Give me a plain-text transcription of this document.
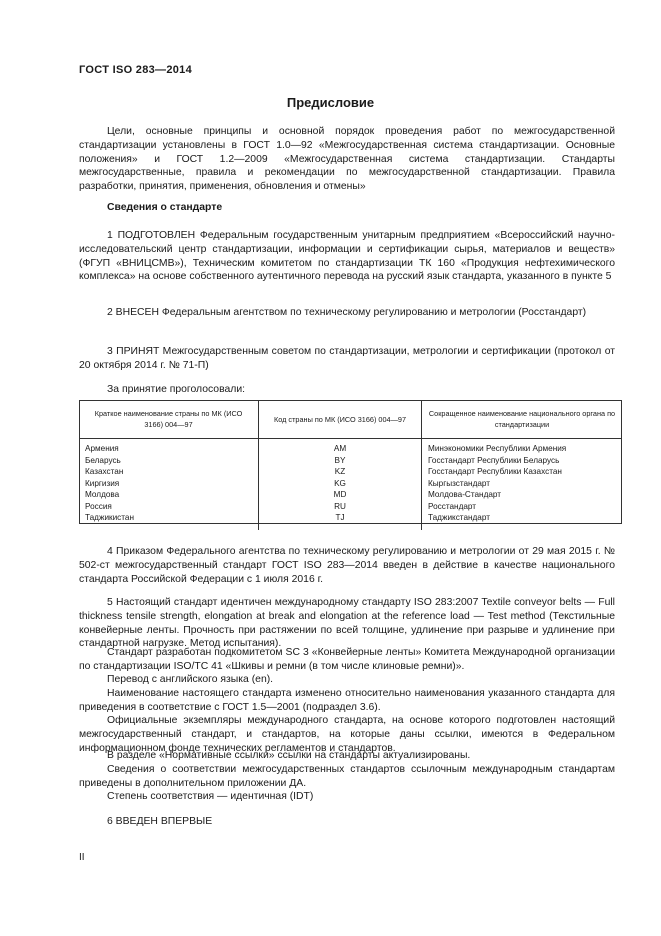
ГОСТ ISO 283—2014
Предисловие

Цели, основные принципы и основной порядок проведения работ по межгосударственной стандартизации установлены в ГОСТ 1.0—92 «Межгосударственная система стандартизации. Основные положения» и ГОСТ 1.2—2009 «Межгосударственная система стандартизации. Стандарты межгосударственные, правила и рекомендации по межгосударственной стандартизации. Правила разработки, принятия, применения, обновления и отмены»

Сведения о стандарте

1 ПОДГОТОВЛЕН Федеральным государственным унитарным предприятием «Всероссийский научно-исследовательский центр стандартизации, информации и сертификации сырья, материалов и веществ» (ФГУП «ВНИЦСМВ»), Техническим комитетом по стандартизации ТК 160 «Продукция нефтехимического комплекса» на основе собственного аутентичного перевода на русский язык стандарта, указанного в пункте 5

2 ВНЕСЕН Федеральным агентством по техническому регулированию и метрологии (Росстандарт)

3 ПРИНЯТ Межгосударственным советом по стандартизации, метрологии и сертификации (протокол от 20 октября 2014 г. № 71-П)

За принятие проголосовали:
Краткое наименование страны по МК (ИСО 3166) 004—97	Код страны по МК (ИСО 3166) 004—97	Сокращенное наименование национального органа по стандартизации
Армения	AM	Минэкономики Республики Армения
Беларусь	BY	Госстандарт Республики Беларусь
Казахстан	KZ	Госстандарт Республики Казахстан
Киргизия	KG	Кыргызстандарт
Молдова	MD	Молдова-Стандарт
Россия	RU	Росстандарт
Таджикистан	TJ	Таджикстандарт

4 Приказом Федерального агентства по техническому регулированию и метрологии от 29 мая 2015 г. № 502-ст межгосударственный стандарт ГОСТ ISO 283—2014 введен в действие в качестве национального стандарта Российской Федерации с 1 июля 2016 г.

5 Настоящий стандарт идентичен международному стандарту ISO 283:2007 Textile conveyor belts — Full thickness tensile strength, elongation at break and elongation at the reference load — Test method (Текстильные конвейерные ленты. Прочность при растяжении по всей толщине, удлинение при разрыве и удлинение при стандартной нагрузке. Метод испытания).

Стандарт разработан подкомитетом SC 3 «Конвейерные ленты» Комитета Международной организации по стандартизации ISO/TC 41 «Шкивы и ремни (в том числе клиновые ремни)».

Перевод с английского языка (en).

Наименование настоящего стандарта изменено относительно наименования указанного стандарта для приведения в соответствие с ГОСТ 1.5—2001 (подраздел 3.6).

Официальные экземпляры международного стандарта, на основе которого подготовлен настоящий межгосударственный стандарт, и стандартов, на которые даны ссылки, имеются в Федеральном информационном фонде технических регламентов и стандартов.

В разделе «Нормативные ссылки» ссылки на стандарты актуализированы.

Сведения о соответствии межгосударственных стандартов ссылочным международным стандартам приведены в дополнительном приложении ДА.

Степень соответствия — идентичная (IDT)

6 ВВЕДЕН ВПЕРВЫЕ
II
